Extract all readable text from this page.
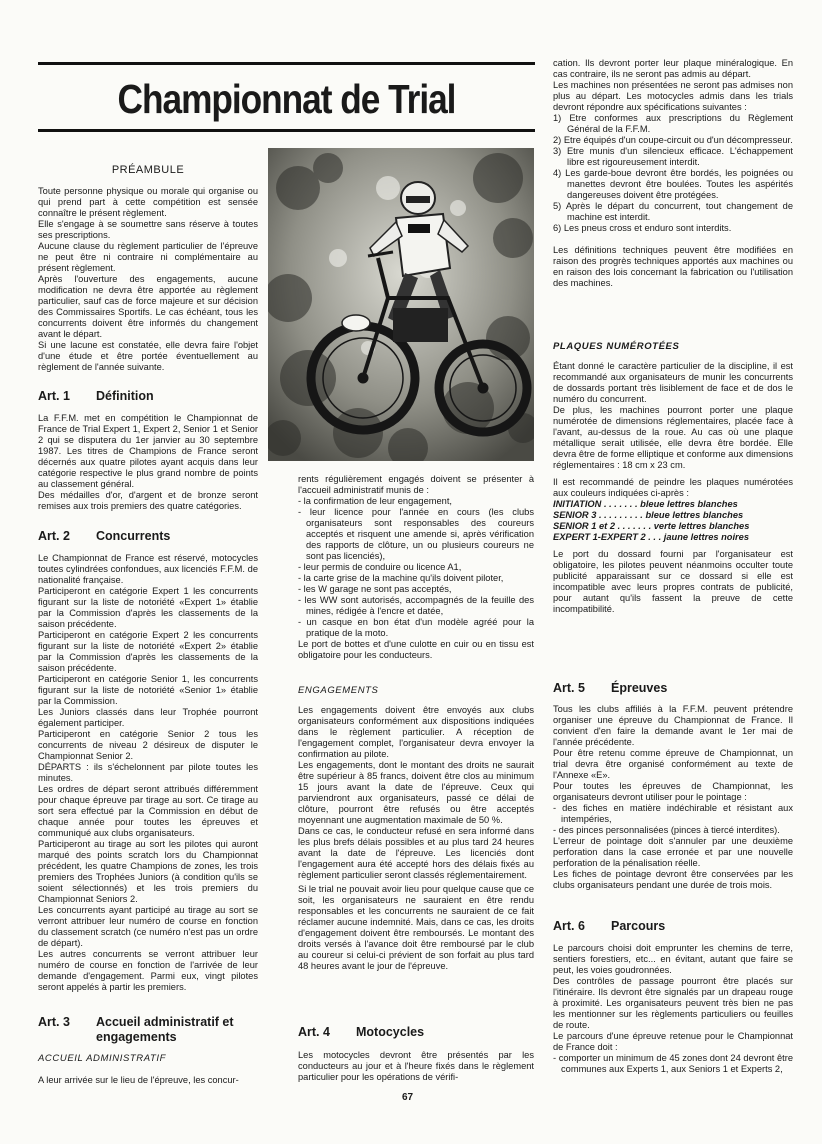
Championnat de Trial
PRÉAMBULE

Toute personne physique ou morale qui organise ou qui prend part à cette compétition est sensée connaître le présent règlement.

Elle s'engage à se soumettre sans réserve à toutes ses prescriptions.

Aucune clause du règlement particulier de l'épreuve ne peut être ni contraire ni complémentaire au présent règlement.

Après l'ouverture des engagements, aucune modification ne devra être apportée au règlement particulier, sauf cas de force majeure et sur décision des Commissaires Sportifs. Le cas échéant, tous les concurrents doivent être informés du changement avant le départ.

Si une lacune est constatée, elle devra faire l'objet d'une étude et être portée éventuellement au règlement de l'année suivante.

Art. 1 Définition

La F.F.M. met en compétition le Championnat de France de Trial Expert 1, Expert 2, Senior 1 et Senior 2 qui se disputera du 1er janvier au 30 septembre 1987. Les titres de Champions de France seront décernés aux quatre pilotes ayant acquis dans leur catégorie respective le plus grand nombre de points au classement général.

Des médailles d'or, d'argent et de bronze seront remises aux trois premiers des quatre catégories.

Art. 2 Concurrents

Le Championnat de France est réservé, motocycles toutes cylindrées confondues, aux licenciés F.F.M. de nationalité française.

Participeront en catégorie Expert 1 les concurrents figurant sur la liste de notoriété «Expert 1» établie par la Commission d'après les classements de la saison précédente.

Participeront en catégorie Expert 2 les concurrents figurant sur la liste de notoriété «Expert 2» établie par la Commission d'après les classements de la saison précédente.

Participeront en catégorie Senior 1, les concurrents figurant sur la liste de notoriété «Senior 1» établie par la Commission.

Les Juniors classés dans leur Trophée pourront également participer.

Participeront en catégorie Senior 2 tous les concurrents de niveau 2 désireux de disputer le Championnat Senior 2.

DÉPARTS : ils s'échelonnent par pilote toutes les minutes.

Les ordres de départ seront attribués différemment pour chaque épreuve par tirage au sort. Ce tirage au sort sera effectué par la Commission en début de chaque année pour toutes les épreuves et communiqué aux clubs organisateurs.

Participeront au tirage au sort les pilotes qui auront marqué des points scratch lors du Championnat précédent, les quatre Champions de zones, les trois premiers des Trophées Juniors (à condition qu'ils se soient sélectionnés) et les trois premiers du Championnat Seniors 2.

Les concurrents ayant participé au tirage au sort se verront attribuer leur numéro de course en fonction du classement scratch (ce numéro n'est pas un ordre de départ).

Les autres concurrents se verront attribuer leur numéro de course en fonction de l'arrivée de leur demande d'engagement. Parmi eux, vingt pilotes seront appelés à partir les premiers.

Art. 3 Accueil administratif et
engagements
ACCUEIL ADMINISTRATIF
A leur arrivée sur le lieu de l'épreuve, les concur-

rents régulièrement engagés doivent se présenter à l'accueil administratif munis de :

- la confirmation de leur engagement,
- leur licence pour l'année en cours (les clubs organisateurs sont responsables des coureurs acceptés et risquent une amende si, après vérification des rapports de clôture, un ou plusieurs coureurs ne sont pas licenciés),
- leur permis de conduire ou licence A1,
- la carte grise de la machine qu'ils doivent piloter,
- les W garage ne sont pas acceptés,
- les WW sont autorisés, accompagnés de la feuille des mines, rédigée à l'encre et datée,
- un casque en bon état d'un modèle agréé pour la pratique de la moto.

Le port de bottes et d'une culotte en cuir ou en tissu est obligatoire pour les conducteurs.

ENGAGEMENTS

Les engagements doivent être envoyés aux clubs organisateurs conformément aux dispositions indiquées dans le règlement particulier. A réception de l'engagement complet, l'organisateur devra envoyer la confirmation au pilote.

Les engagements, dont le montant des droits ne saurait être supérieur à 85 francs, doivent être clos au minimum 15 jours avant la date de l'épreuve. Ceux qui parviendront aux organisateurs, passé ce délai de clôture, pourront être refusés ou être acceptés moyennant une augmentation maximale de 50 %.

Dans ce cas, le conducteur refusé en sera informé dans les plus brefs délais possibles et au plus tard 24 heures avant la date de l'épreuve. Les licenciés dont l'engagement aura été accepté hors des délais fixés au règlement particulier seront classés réglementairement.

Si le trial ne pouvait avoir lieu pour quelque cause que ce soit, les organisateurs ne sauraient en être rendu responsables et les concurrents ne sauraient de ce fait réclamer aucune indemnité. Mais, dans ce cas, les droits d'engagement doivent être remboursés. Le montant des droits versés à l'avance doit être remboursé par le club au coureur si celui-ci prévient de son forfait au plus tard 48 heures avant le jour de l'épreuve.

Art. 4 Motocycles
Les motocycles devront être présentés par les conducteurs au jour et à l'heure fixés dans le règlement particulier pour les opérations de vérifi-
67

cation. Ils devront porter leur plaque minéralogique. En cas contraire, ils ne seront pas admis au départ.

Les machines non présentées ne seront pas admises non plus au départ. Les motocycles admis dans les trials devront répondre aux spécifications suivantes :

1) Etre conformes aux prescriptions du Règlement Général de la F.F.M.

2) Etre équipés d'un coupe-circuit ou d'un décompresseur.

3) Etre munis d'un silencieux efficace. L'échappement libre est rigoureusement interdit.

4) Les garde-boue devront être bordés, les poignées ou manettes devront être boulées. Toutes les aspérités dangereuses doivent être protégées.

5) Après le départ du concurrent, tout changement de machine est interdit.

6) Les pneus cross et enduro sont interdits.

Les définitions techniques peuvent être modifiées en raison des progrès techniques apportés aux machines ou en raison des lois concernant la fabrication ou l'utilisation des machines.

PLAQUES NUMÉROTÉES

Étant donné le caractère particulier de la discipline, il est recommandé aux organisateurs de munir les concurrents de dossards portant très lisiblement de face et de dos le numéro du concurrent.

De plus, les machines pourront porter une plaque numérotée de dimensions réglementaires, placée face à l'avant, au-dessus de la roue. Au cas où une plaque métallique serait utilisée, elle devra être bordée. Elle devra être de forme elliptique et conforme aux dimensions réglementaires : 18 cm x 23 cm.

Il est recommandé de peindre les plaques numérotées aux couleurs indiquées ci-après :

INITIATION . . . . . . . bleue lettres blanches
SENIOR 3 . . . . . . . . . bleue lettres blanches
SENIOR 1 et 2 . . . . . . . verte lettres blanches
EXPERT 1-EXPERT 2 . . . jaune lettres noires

Le port du dossard fourni par l'organisateur est obligatoire, les pilotes peuvent néanmoins occulter toute publicité apparaissant sur ce dossard si elle est incompatible avec leurs propres contrats de publicité, pour autant qu'ils fassent la preuve de cette incompatibilité.

Art. 5 Épreuves

Tous les clubs affiliés à la F.F.M. peuvent prétendre organiser une épreuve du Championnat de France. Il convient d'en faire la demande avant le 1er mai de l'année précédente.

Pour être retenu comme épreuve de Championnat, un trial devra être organisé conformément au texte de l'Annexe «E».

Pour toutes les épreuves de Championnat, les organisateurs devront utiliser pour le pointage :

- des fiches en matière indéchirable et résistant aux intempéries,
- des pinces personnalisées (pinces à tiercé interdites).

L'erreur de pointage doit s'annuler par une deuxième perforation dans la case erronée et par une nouvelle perforation de la pénalisation réelle.

Les fiches de pointage devront être conservées par les clubs organisateurs pendant une durée de trois mois.

Art. 6 Parcours

Le parcours choisi doit emprunter les chemins de terre, sentiers forestiers, etc... en évitant, autant que faire se peut, les voies goudronnées.

Des contrôles de passage pourront être placés sur l'itinéraire. Ils devront être signalés par un drapeau rouge à proximité. Les organisateurs peuvent très bien ne pas les mentionner sur les règlements particuliers ou feuilles de route.

Le parcours d'une épreuve retenue pour le Championnat de France doit :

- comporter un minimum de 45 zones dont 24 devront être communes aux Experts 1, aux Seniors 1 et Experts 2,
